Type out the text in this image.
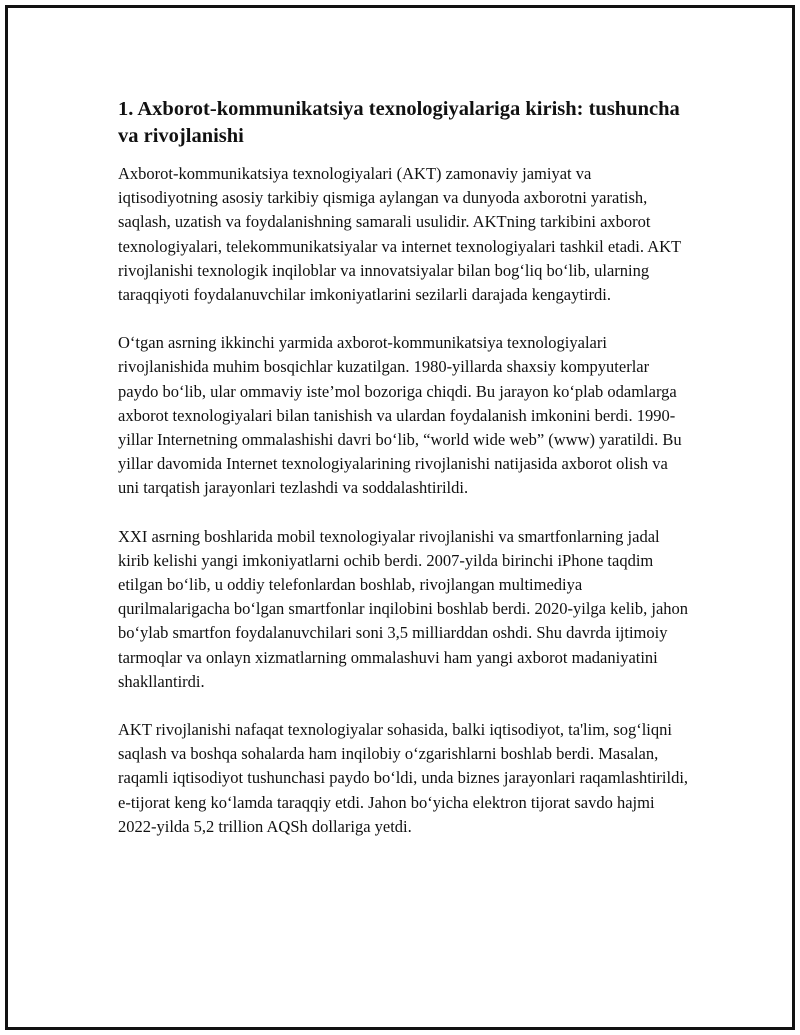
1. Axborot-kommunikatsiya texnologiyalariga kirish: tushuncha va rivojlanishi

Axborot-kommunikatsiya texnologiyalari (AKT) zamonaviy jamiyat va iqtisodiyotning asosiy tarkibiy qismiga aylangan va dunyoda axborotni yaratish, saqlash, uzatish va foydalanishning samarali usulidir. AKTning tarkibini axborot texnologiyalari, telekommunikatsiyalar va internet texnologiyalari tashkil etadi. AKT rivojlanishi texnologik inqiloblar va innovatsiyalar bilan bog‘liq bo‘lib, ularning taraqqiyoti foydalanuvchilar imkoniyatlarini sezilarli darajada kengaytirdi.

O‘tgan asrning ikkinchi yarmida axborot-kommunikatsiya texnologiyalari rivojlanishida muhim bosqichlar kuzatilgan. 1980-yillarda shaxsiy kompyuterlar paydo bo‘lib, ular ommaviy iste’mol bozoriga chiqdi. Bu jarayon ko‘plab odamlarga axborot texnologiyalari bilan tanishish va ulardan foydalanish imkonini berdi. 1990-yillar Internetning ommalashishi davri bo‘lib, “world wide web” (www) yaratildi. Bu yillar davomida Internet texnologiyalarining rivojlanishi natijasida axborot olish va uni tarqatish jarayonlari tezlashdi va soddalashtirildi.

XXI asrning boshlarida mobil texnologiyalar rivojlanishi va smartfonlarning jadal kirib kelishi yangi imkoniyatlarni ochib berdi. 2007-yilda birinchi iPhone taqdim etilgan bo‘lib, u oddiy telefonlardan boshlab, rivojlangan multimediya qurilmalarigacha bo‘lgan smartfonlar inqilobini boshlab berdi. 2020-yilga kelib, jahon bo‘ylab smartfon foydalanuvchilari soni 3,5 milliarddan oshdi. Shu davrda ijtimoiy tarmoqlar va onlayn xizmatlarning ommalashuvi ham yangi axborot madaniyatini shakllantirdi.

AKT rivojlanishi nafaqat texnologiyalar sohasida, balki iqtisodiyot, ta'lim, sog‘liqni saqlash va boshqa sohalarda ham inqilobiy o‘zgarishlarni boshlab berdi. Masalan, raqamli iqtisodiyot tushunchasi paydo bo‘ldi, unda biznes jarayonlari raqamlashtirildi, e-tijorat keng ko‘lamda taraqqiy etdi. Jahon bo‘yicha elektron tijorat savdo hajmi 2022-yilda 5,2 trillion AQSh dollariga yetdi.
